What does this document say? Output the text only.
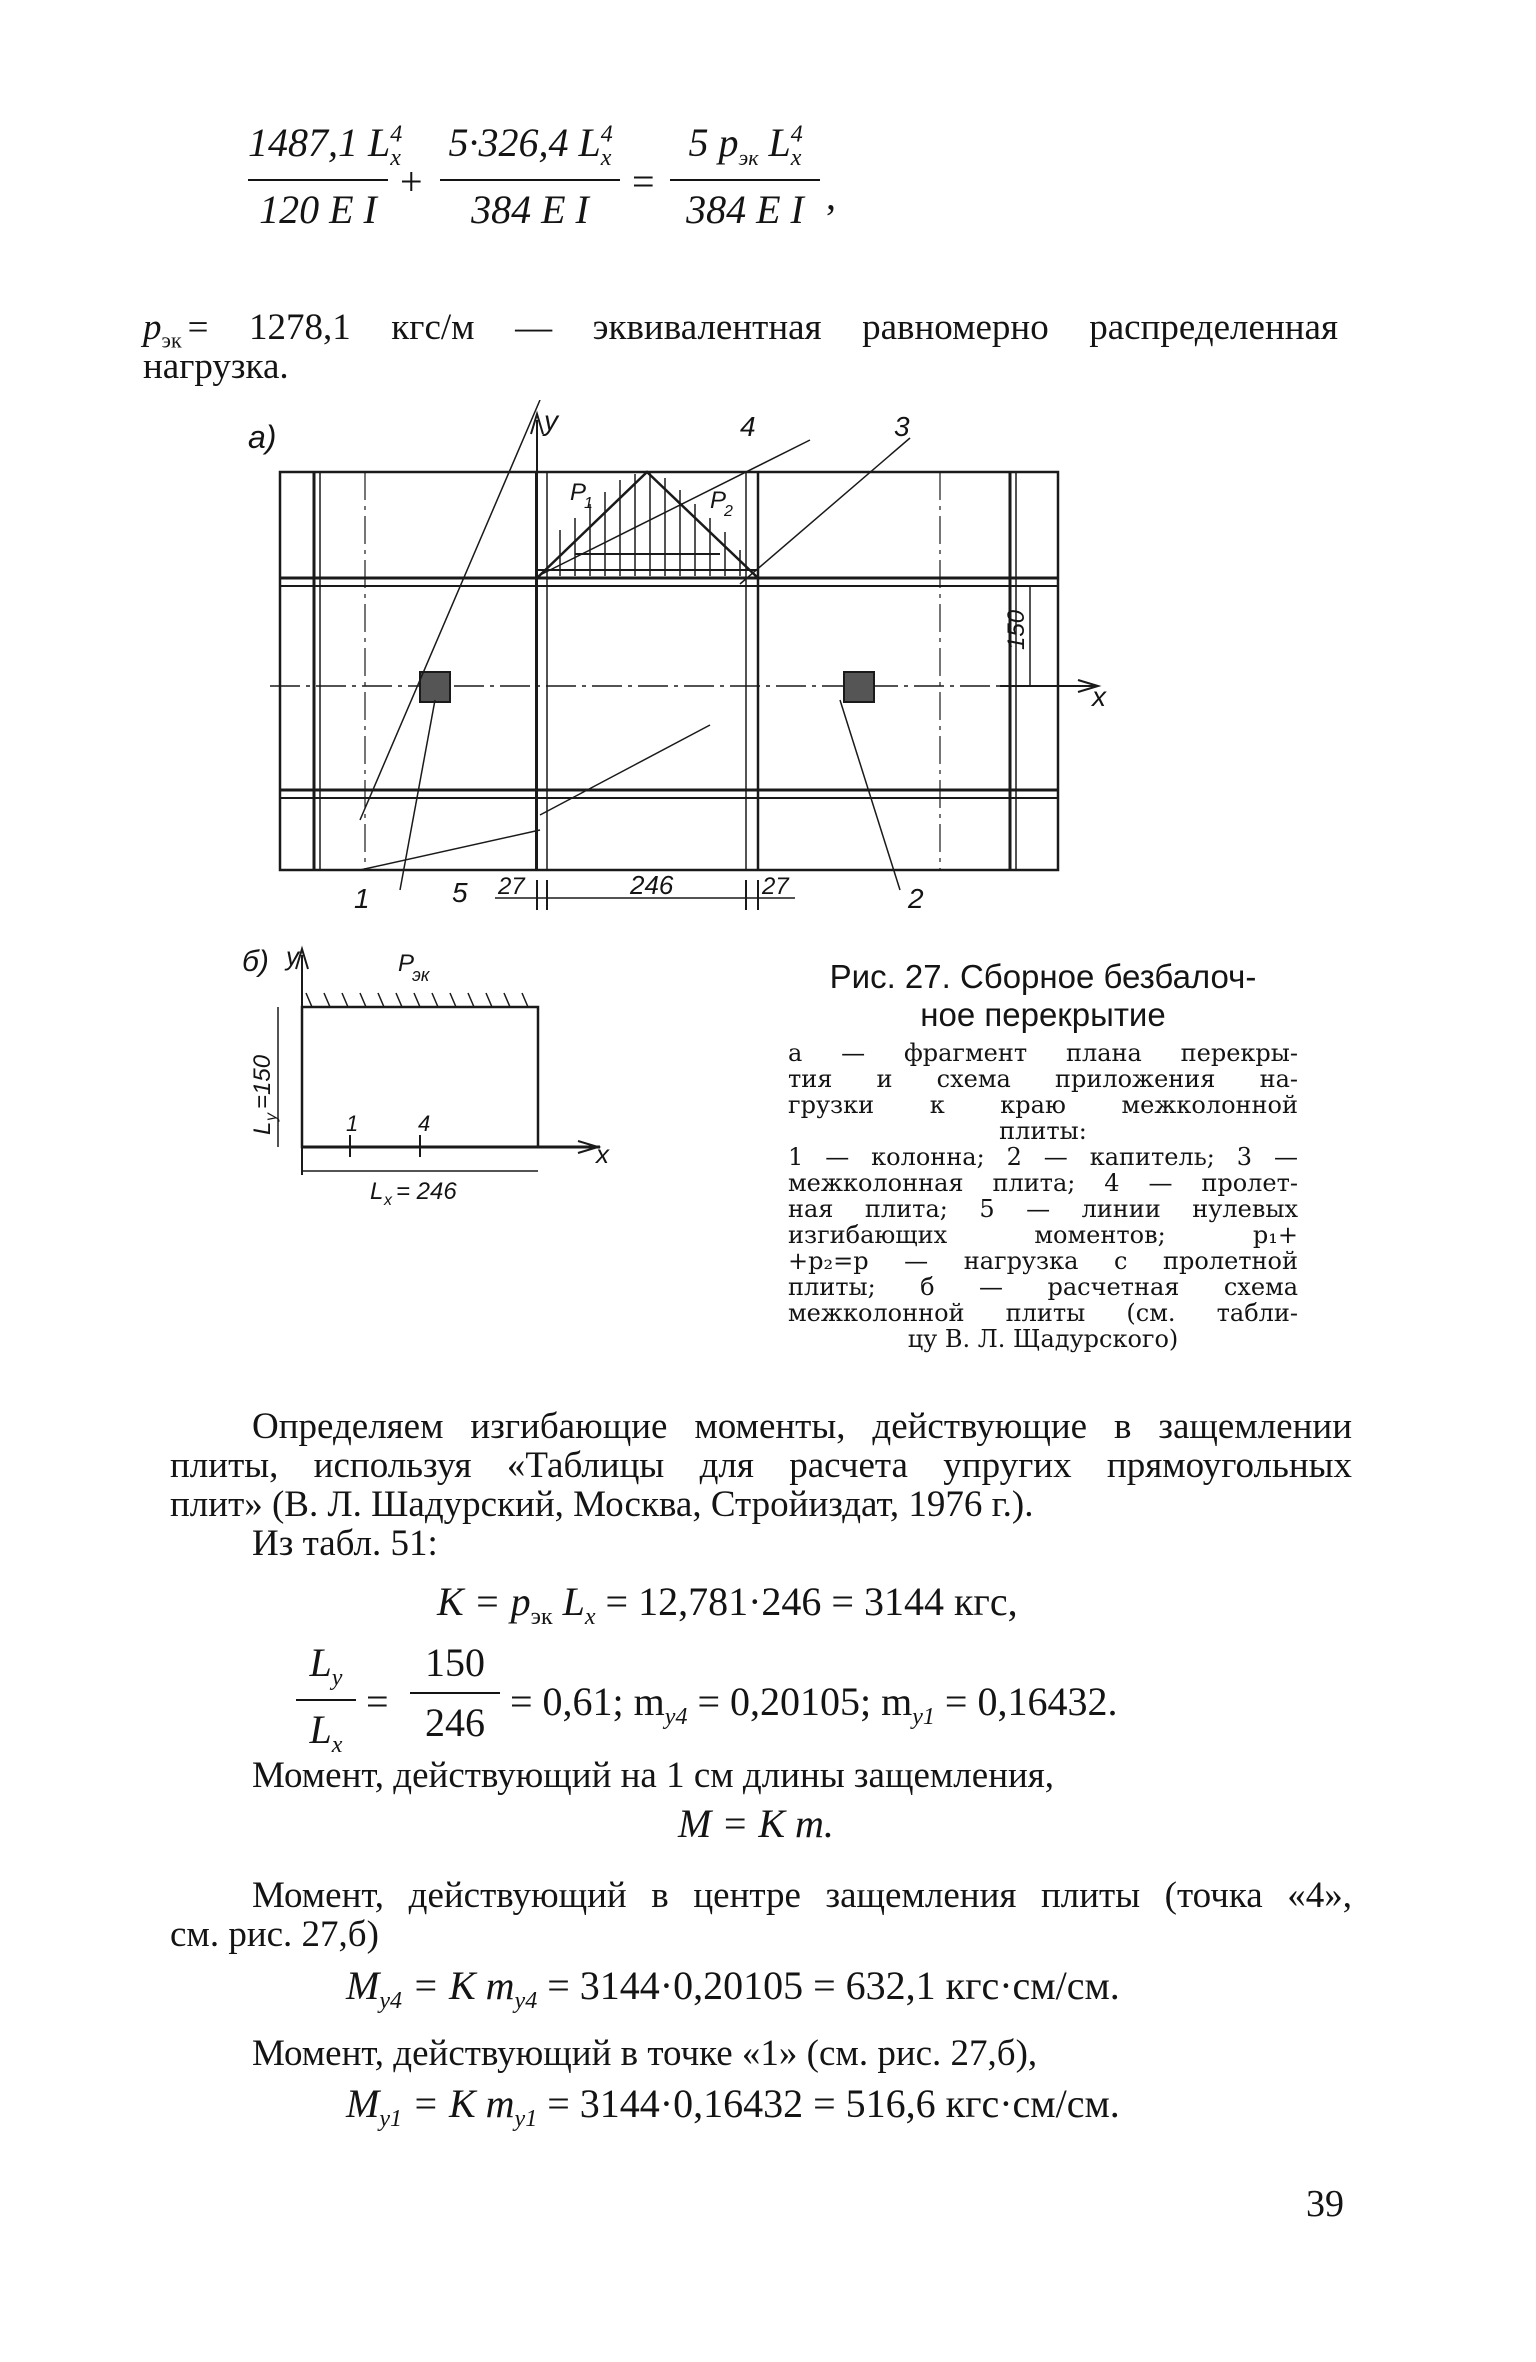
1487,1 $L^4_x$
120 E I
+
5·326,4 $L^4_x$
384 E I
=
5 $p_{эк}$ $L^4_x$
384 E I ,
$p_{эк} = 1278,1$ кгс/м — эквивалентная равномерно распределенная
нагрузка.
а)	y
x
P
1	P
2
4	3
1	2
5 27	246	27
150
б) y
x
P
эк
1	4
L
y
=150
L x = 246
Рис. 27. Сборное безбалоч-
ное перекрытие
а — фрагмент плана перекры-
тия и схема приложения на-
грузки к краю межколонной
плиты:
1 — колонна; 2 — капитель; 3 —
межколонная плита; 4 — пролет-
ная плита; 5 — линии нулевых
изгибающих моментов; p₁+
+p₂=p — нагрузка с пролетной
плиты; б — расчетная схема
межколонной плиты (см. табли-
цу В. Л. Щадурского)
Определяем изгибающие моменты, действующие в защемлении
плиты, используя «Таблицы для расчета упругих прямоугольных
плит» (В. Л. Шадурский, Москва, Стройиздат, 1976 г.).
Из табл. 51:
$K = p_{эк}$ $L_x = 12,781\cdot 246 = 3144$ кгс,
$L_y$
$L_x$
=
150
246 = 0,61; $m_{y4} = 0,20105$; $m_{y1} = 0,16432$.
Момент, действующий на 1 см длины защемления,
M = K m.
Момент, действующий в центре защемления плиты (точка «4»,
см. рис. 27,б)
$M_{y4} = K$ $m_{y4} = 3144\cdot 0,20105 = 632,1$ кгс·см/см.
Момент, действующий в точке «1» (см. рис. 27,б),
$M_{y1} = K$ $m_{y1} = 3144\cdot 0,16432 = 516,6$ кгс·см/см.
39
